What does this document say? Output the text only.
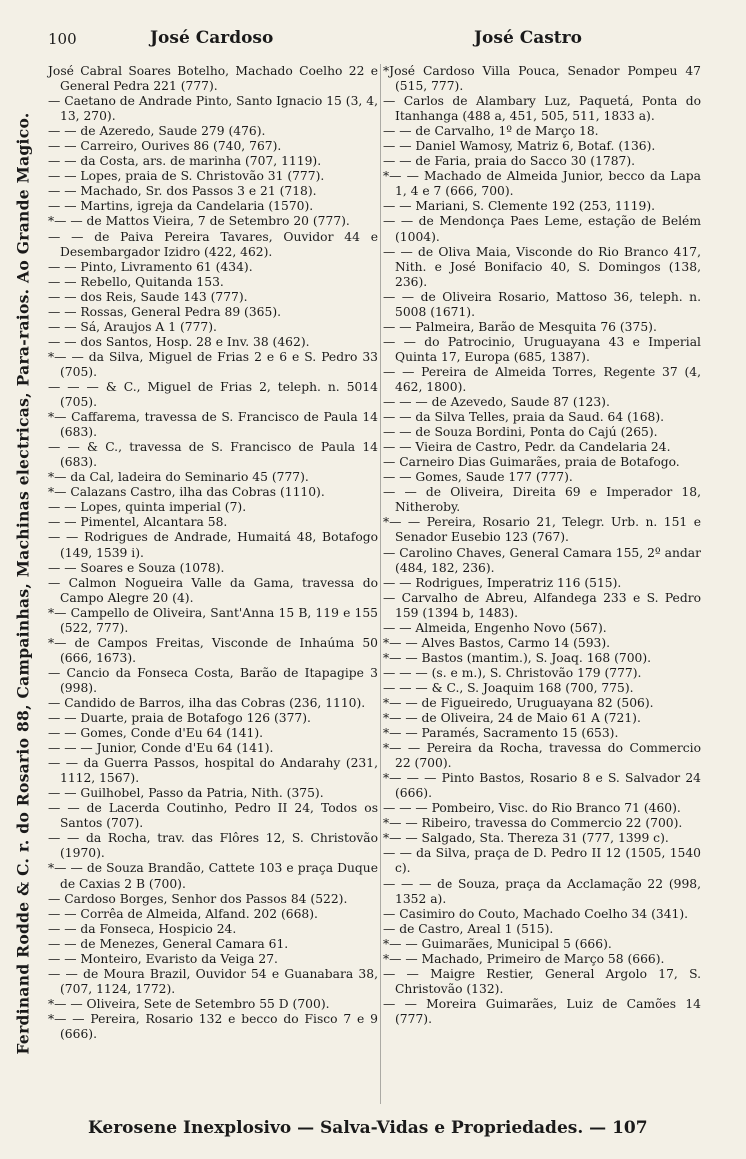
Ferdinand Rodde & C. r. do Rosario 88, Campainhas, Machinas electricas, Para-raios. Ao Grande Magico.
100	José Cardoso	José Castro

José Cabral Soares Botelho, Machado Coelho 22 e General Pedra 221 (777).

— Caetano de Andrade Pinto, Santo Ignacio 15 (3, 4, 13, 270).

— — de Azeredo, Saude 279 (476).

— — Carreiro, Ourives 86 (740, 767).

— — da Costa, ars. de marinha (707, 1119).

— — Lopes, praia de S. Christovão 31 (777).

— — Machado, Sr. dos Passos 3 e 21 (718).

— — Martins, igreja da Candelaria (1570).

*— — de Mattos Vieira, 7 de Setembro 20 (777).

— — de Paiva Pereira Tavares, Ouvidor 44 e Desembargador Izidro (422, 462).

— — Pinto, Livramento 61 (434).

— — Rebello, Quitanda 153.

— — dos Reis, Saude 143 (777).

— — Rossas, General Pedra 89 (365).

— — Sá, Araujos A 1 (777).

— — dos Santos, Hosp. 28 e Inv. 38 (462).

*— — da Silva, Miguel de Frias 2 e 6 e S. Pedro 33 (705).

— — — & C., Miguel de Frias 2, teleph. n. 5014 (705).

*— Caffarema, travessa de S. Francisco de Paula 14 (683).

— — & C., travessa de S. Francisco de Paula 14 (683).

*— da Cal, ladeira do Seminario 45 (777).

*— Calazans Castro, ilha das Cobras (1110).

— — Lopes, quinta imperial (7).

— — Pimentel, Alcantara 58.

— — Rodrigues de Andrade, Humaitá 48, Botafogo (149, 1539 i).

— — Soares e Souza (1078).

— Calmon Nogueira Valle da Gama, travessa do Campo Alegre 20 (4).

*— Campello de Oliveira, Sant'Anna 15 B, 119 e 155 (522, 777).

*— de Campos Freitas, Visconde de Inhaúma 50 (666, 1673).

— Cancio da Fonseca Costa, Barão de Itapagipe 3 (998).

— Candido de Barros, ilha das Cobras (236, 1110).

— — Duarte, praia de Botafogo 126 (377).

— — Gomes, Conde d'Eu 64 (141).

— — — Junior, Conde d'Eu 64 (141).

— — da Guerra Passos, hospital do Andarahy (231, 1112, 1567).

— — Guilhobel, Passo da Patria, Nith. (375).

— — de Lacerda Coutinho, Pedro II 24, Todos os Santos (707).

— — da Rocha, trav. das Flôres 12, S. Christovão (1970).

*— — de Souza Brandão, Cattete 103 e praça Duque de Caxias 2 B (700).

— Cardoso Borges, Senhor dos Passos 84 (522).

— — Corrêa de Almeida, Alfand. 202 (668).

— — da Fonseca, Hospicio 24.

— — de Menezes, General Camara 61.

— — Monteiro, Evaristo da Veiga 27.

— — de Moura Brazil, Ouvidor 54 e Guanabara 38, (707, 1124, 1772).

*— — Oliveira, Sete de Setembro 55 D (700).

*— — Pereira, Rosario 132 e becco do Fisco 7 e 9 (666).

*José Cardoso Villa Pouca, Senador Pompeu 47 (515, 777).

— Carlos de Alambary Luz, Paquetá, Ponta do Itanhanga (488 a, 451, 505, 511, 1833 a).

— — de Carvalho, 1º de Março 18.

— — Daniel Wamosy, Matriz 6, Botaf. (136).

— — de Faria, praia do Sacco 30 (1787).

*— — Machado de Almeida Junior, becco da Lapa 1, 4 e 7 (666, 700).

— — Mariani, S. Clemente 192 (253, 1119).

— — de Mendonça Paes Leme, estação de Belém (1004).

— — de Oliva Maia, Visconde do Rio Branco 417, Nith. e José Bonifacio 40, S. Domingos (138, 236).

— — de Oliveira Rosario, Mattoso 36, teleph. n. 5008 (1671).

— — Palmeira, Barão de Mesquita 76 (375).

— — do Patrocinio, Uruguayana 43 e Imperial Quinta 17, Europa (685, 1387).

— — Pereira de Almeida Torres, Regente 37 (4, 462, 1800).

— — — de Azevedo, Saude 87 (123).

— — da Silva Telles, praia da Saud. 64 (168).

— — de Souza Bordini, Ponta do Cajú (265).

— — Vieira de Castro, Pedr. da Candelaria 24.

— Carneiro Dias Guimarães, praia de Botafogo.

— — Gomes, Saude 177 (777).

— — de Oliveira, Direita 69 e Imperador 18, Nitheroby.

*— — Pereira, Rosario 21, Telegr. Urb. n. 151 e Senador Eusebio 123 (767).

— Carolino Chaves, General Camara 155, 2º andar (484, 182, 236).

— — Rodrigues, Imperatriz 116 (515).

— Carvalho de Abreu, Alfandega 233 e S. Pedro 159 (1394 b, 1483).

— — Almeida, Engenho Novo (567).

*— — Alves Bastos, Carmo 14 (593).

*— — Bastos (mantim.), S. Joaq. 168 (700).

— — — (s. e m.), S. Christovão 179 (777).

— — — & C., S. Joaquim 168 (700, 775).

*— — de Figueiredo, Uruguayana 82 (506).

*— — de Oliveira, 24 de Maio 61 A (721).

*— — Paramés, Sacramento 15 (653).

*— — Pereira da Rocha, travessa do Commercio 22 (700).

*— — — Pinto Bastos, Rosario 8 e S. Salvador 24 (666).

— — — Pombeiro, Visc. do Rio Branco 71 (460).

*— — Ribeiro, travessa do Commercio 22 (700).

*— — Salgado, Sta. Thereza 31 (777, 1399 c).

— — da Silva, praça de D. Pedro II 12 (1505, 1540 c).

— — — de Souza, praça da Acclamação 22 (998, 1352 a).

— Casimiro do Couto, Machado Coelho 34 (341).

— de Castro, Areal 1 (515).

*— — Guimarães, Municipal 5 (666).

*— — Machado, Primeiro de Março 58 (666).

— — Maigre Restier, General Argolo 17, S. Christovão (132).

— — Moreira Guimarães, Luiz de Camões 14 (777).

Kerosene Inexplosivo — Salva-Vidas e Propriedades. — 107
